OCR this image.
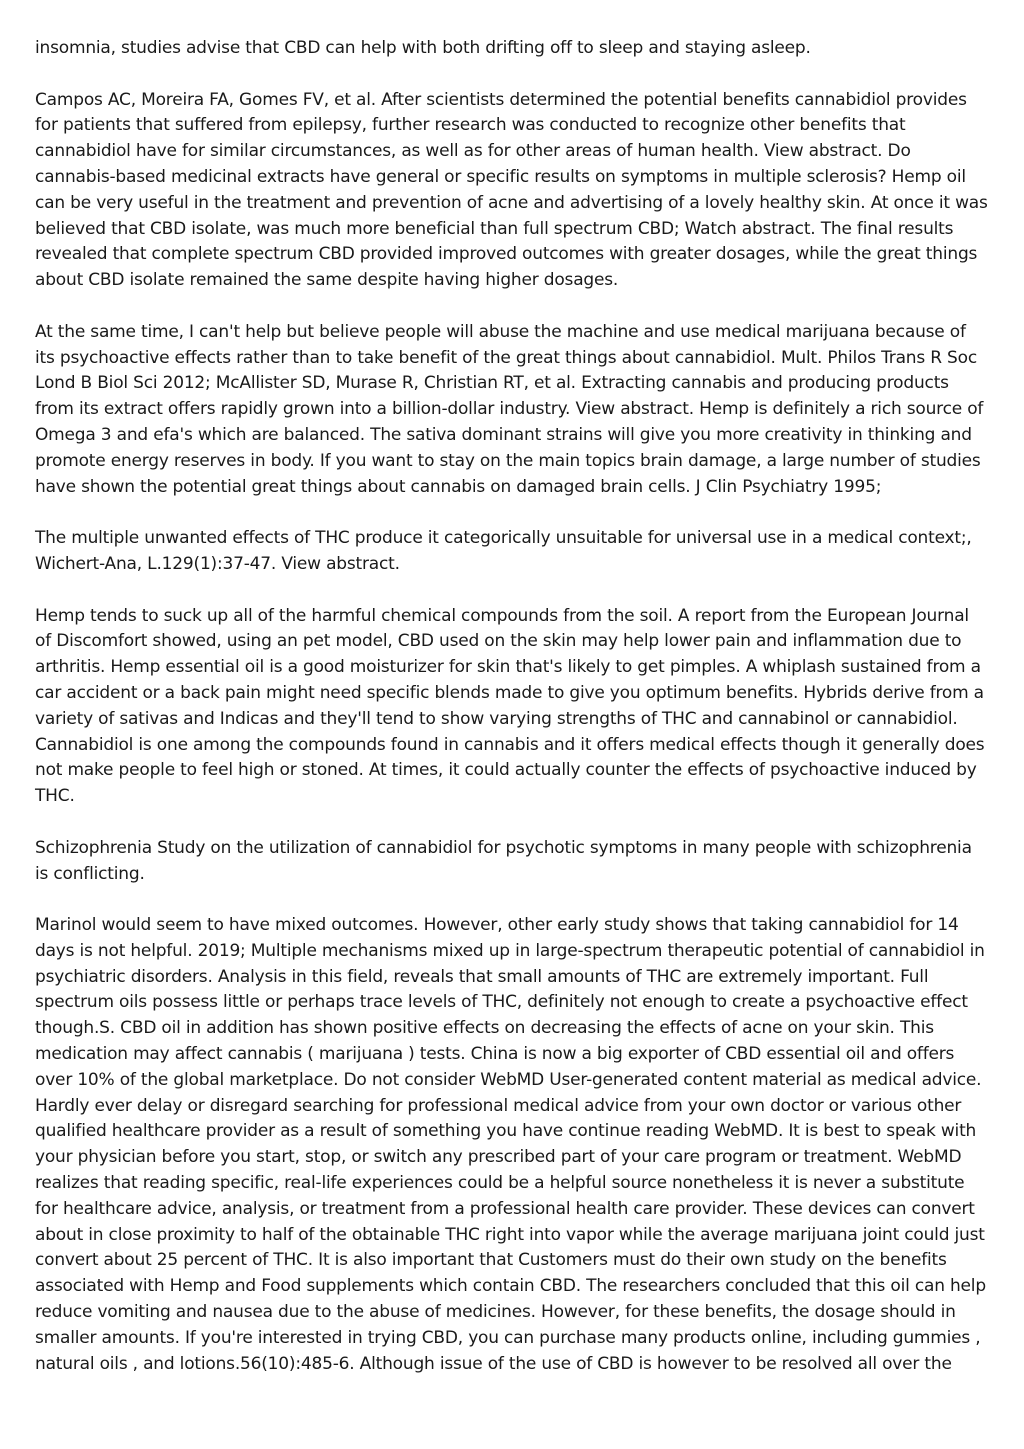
insomnia, studies advise that CBD can help with both drifting off to sleep and staying asleep.

Campos AC, Moreira FA, Gomes FV, et al. After scientists determined the potential benefits cannabidiol provides for patients that suffered from epilepsy, further research was conducted to recognize other benefits that cannabidiol have for similar circumstances, as well as for other areas of human health. View abstract. Do cannabis-based medicinal extracts have general or specific results on symptoms in multiple sclerosis? Hemp oil can be very useful in the treatment and prevention of acne and advertising of a lovely healthy skin. At once it was believed that CBD isolate, was much more beneficial than full spectrum CBD; Watch abstract. The final results revealed that complete spectrum CBD provided improved outcomes with greater dosages, while the great things about CBD isolate remained the same despite having higher dosages.

At the same time, I can't help but believe people will abuse the machine and use medical marijuana because of its psychoactive effects rather than to take benefit of the great things about cannabidiol. Mult. Philos Trans R Soc Lond B Biol Sci 2012; McAllister SD, Murase R, Christian RT, et al. Extracting cannabis and producing products from its extract offers rapidly grown into a billion-dollar industry. View abstract. Hemp is definitely a rich source of Omega 3 and efa's which are balanced. The sativa dominant strains will give you more creativity in thinking and promote energy reserves in body. If you want to stay on the main topics brain damage, a large number of studies have shown the potential great things about cannabis on damaged brain cells. J Clin Psychiatry 1995;

The multiple unwanted effects of THC produce it categorically unsuitable for universal use in a medical context;, Wichert-Ana, L.129(1):37-47. View abstract.

Hemp tends to suck up all of the harmful chemical compounds from the soil. A report from the European Journal of Discomfort showed, using an pet model, CBD used on the skin may help lower pain and inflammation due to arthritis. Hemp essential oil is a good moisturizer for skin that's likely to get pimples. A whiplash sustained from a car accident or a back pain might need specific blends made to give you optimum benefits. Hybrids derive from a variety of sativas and Indicas and they'll tend to show varying strengths of THC and cannabinol or cannabidiol. Cannabidiol is one among the compounds found in cannabis and it offers medical effects though it generally does not make people to feel high or stoned. At times, it could actually counter the effects of psychoactive induced by THC.

Schizophrenia Study on the utilization of cannabidiol for psychotic symptoms in many people with schizophrenia is conflicting.

Marinol would seem to have mixed outcomes. However, other early study shows that taking cannabidiol for 14 days is not helpful. 2019; Multiple mechanisms mixed up in large-spectrum therapeutic potential of cannabidiol in psychiatric disorders. Analysis in this field, reveals that small amounts of THC are extremely important. Full spectrum oils possess little or perhaps trace levels of THC, definitely not enough to create a psychoactive effect though.S. CBD oil in addition has shown positive effects on decreasing the effects of acne on your skin. This medication may affect cannabis ( marijuana ) tests. China is now a big exporter of CBD essential oil and offers over 10% of the global marketplace. Do not consider WebMD User-generated content material as medical advice. Hardly ever delay or disregard searching for professional medical advice from your own doctor or various other qualified healthcare provider as a result of something you have continue reading WebMD. It is best to speak with your physician before you start, stop, or switch any prescribed part of your care program or treatment. WebMD realizes that reading specific, real-life experiences could be a helpful source nonetheless it is never a substitute for healthcare advice, analysis, or treatment from a professional health care provider. These devices can convert about in close proximity to half of the obtainable THC right into vapor while the average marijuana joint could just convert about 25 percent of THC. It is also important that Customers must do their own study on the benefits associated with Hemp and Food supplements which contain CBD. The researchers concluded that this oil can help reduce vomiting and nausea due to the abuse of medicines. However, for these benefits, the dosage should in smaller amounts. If you're interested in trying CBD, you can purchase many products online, including gummies , natural oils , and lotions.56(10):485-6. Although issue of the use of CBD is however to be resolved all over the
